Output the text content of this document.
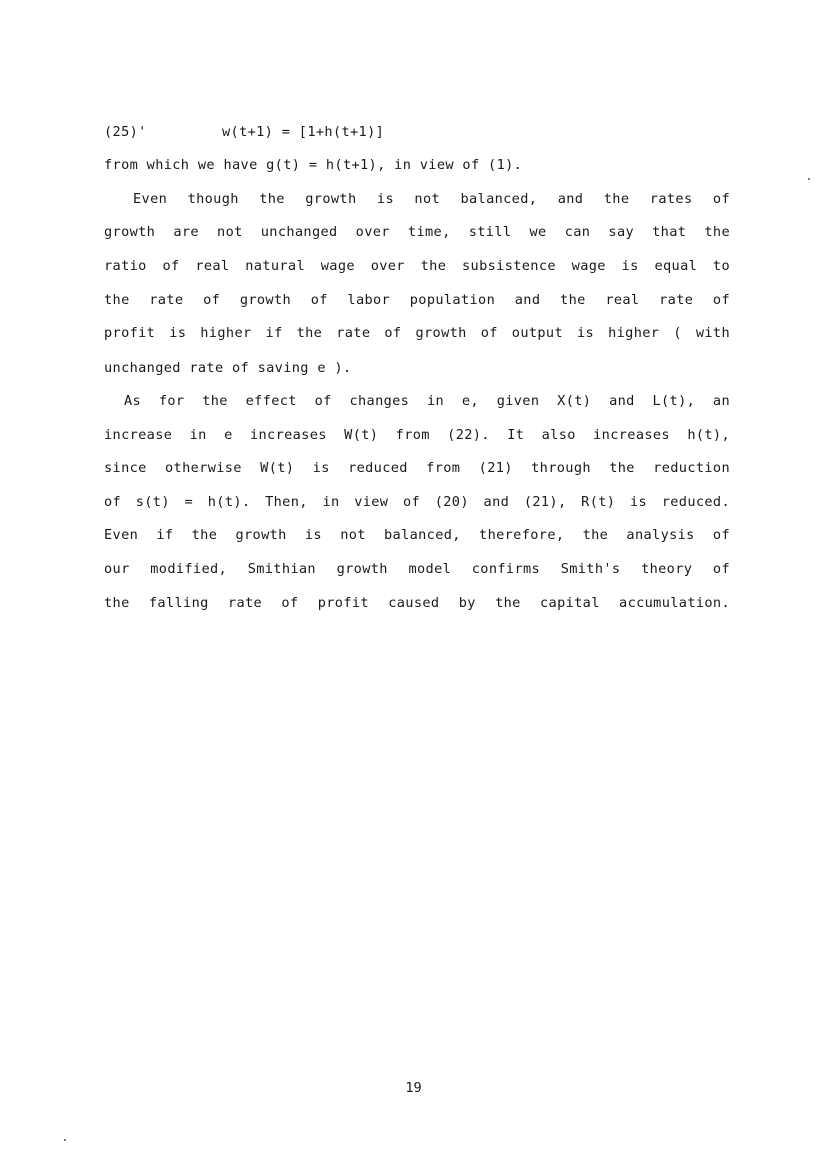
(25)'	w(t+1) = [1+h(t+1)]

from which we have g(t) = h(t+1), in view of (1).

Even though the growth is not balanced, and the rates of

growth are not unchanged over time, still we can say that the

ratio of real natural wage over the subsistence wage is equal to

the rate of growth of labor population and the real rate of

profit is higher if the rate of growth of output is higher ( with

unchanged rate of saving e ).

As for the effect of changes in e, given X(t) and L(t), an

increase in e increases W(t) from (22). It also increases h(t),

since otherwise W(t) is reduced from (21) through the reduction

of s(t) = h(t). Then, in view of (20) and (21), R(t) is reduced.

Even if the growth is not balanced, therefore, the analysis of

our modified, Smithian growth model confirms Smith's theory of

the falling rate of profit caused by the capital accumulation.

19
